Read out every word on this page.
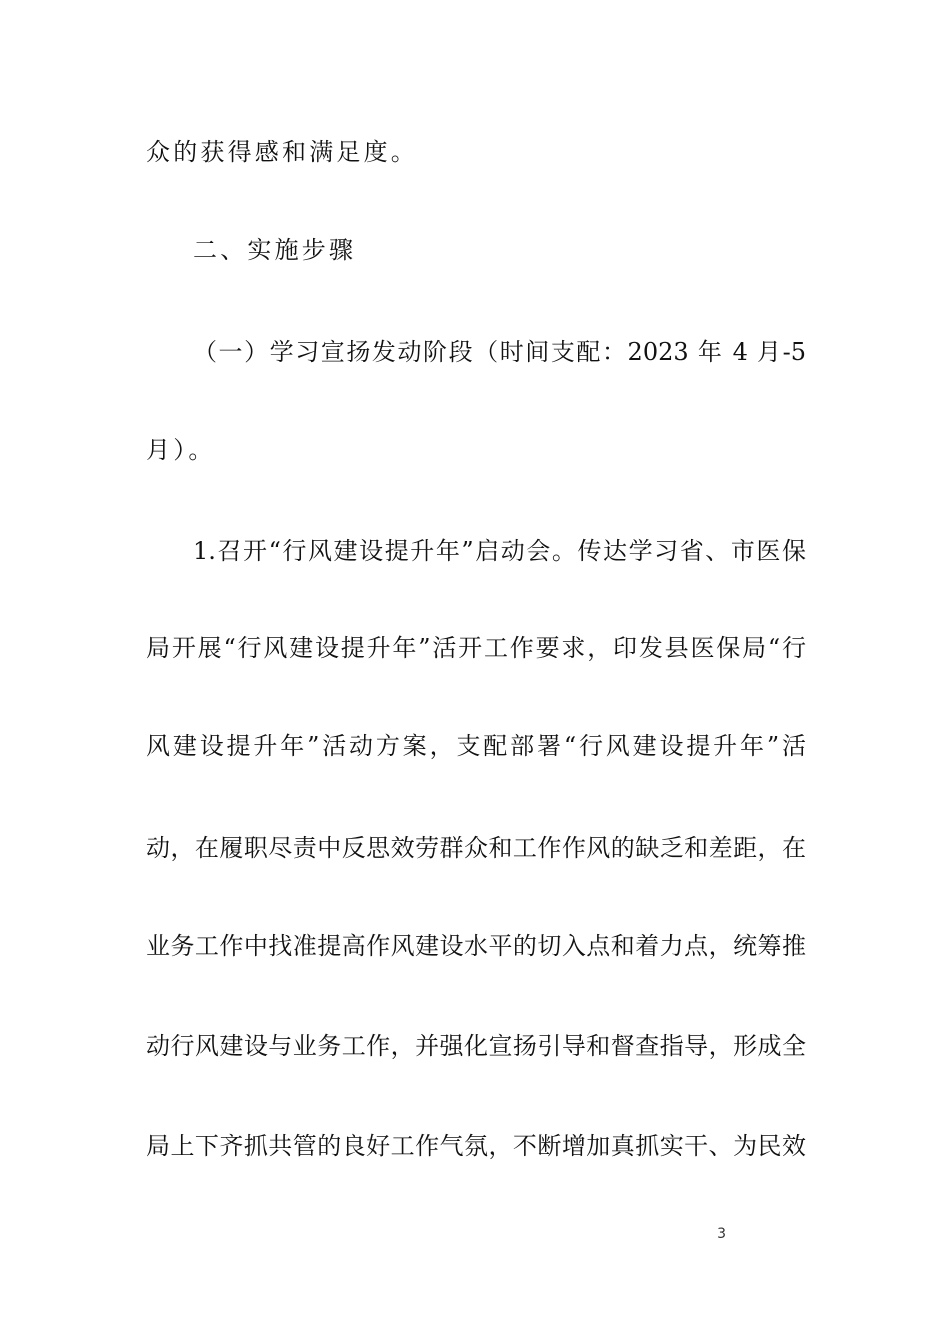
众的获得感和满足度。
二、实施步骤
（一）学习宣扬发动阶段（时间支配：2023 年 4 月-5
月）。
1.召开“行风建设提升年”启动会。传达学习省、市医保
局开展“行风建设提升年”活开工作要求，印发县医保局“行
风建设提升年”活动方案，支配部署“行风建设提升年”活
动，在履职尽责中反思效劳群众和工作作风的缺乏和差距，在
业务工作中找准提高作风建设水平的切入点和着力点，统筹推
动行风建设与业务工作，并强化宣扬引导和督查指导，形成全
局上下齐抓共管的良好工作气氛，不断增加真抓实干、为民效
3
